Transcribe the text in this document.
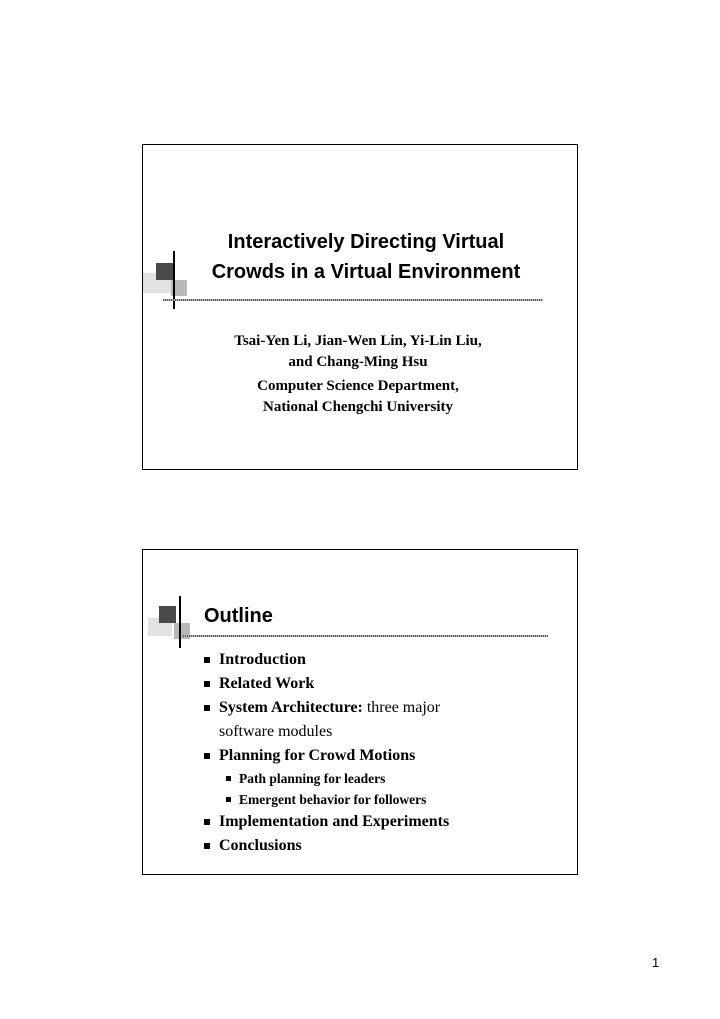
Interactively Directing Virtual
Crowds in a Virtual Environment
Tsai-Yen Li, Jian-Wen Lin, Yi-Lin Liu,
and Chang-Ming Hsu
Computer Science Department,
National Chengchi University
Outline
Introduction
Related Work
System Architecture: three major
software modules
Planning for Crowd Motions
Path planning for leaders
Emergent behavior for followers
Implementation and Experiments
Conclusions
1
